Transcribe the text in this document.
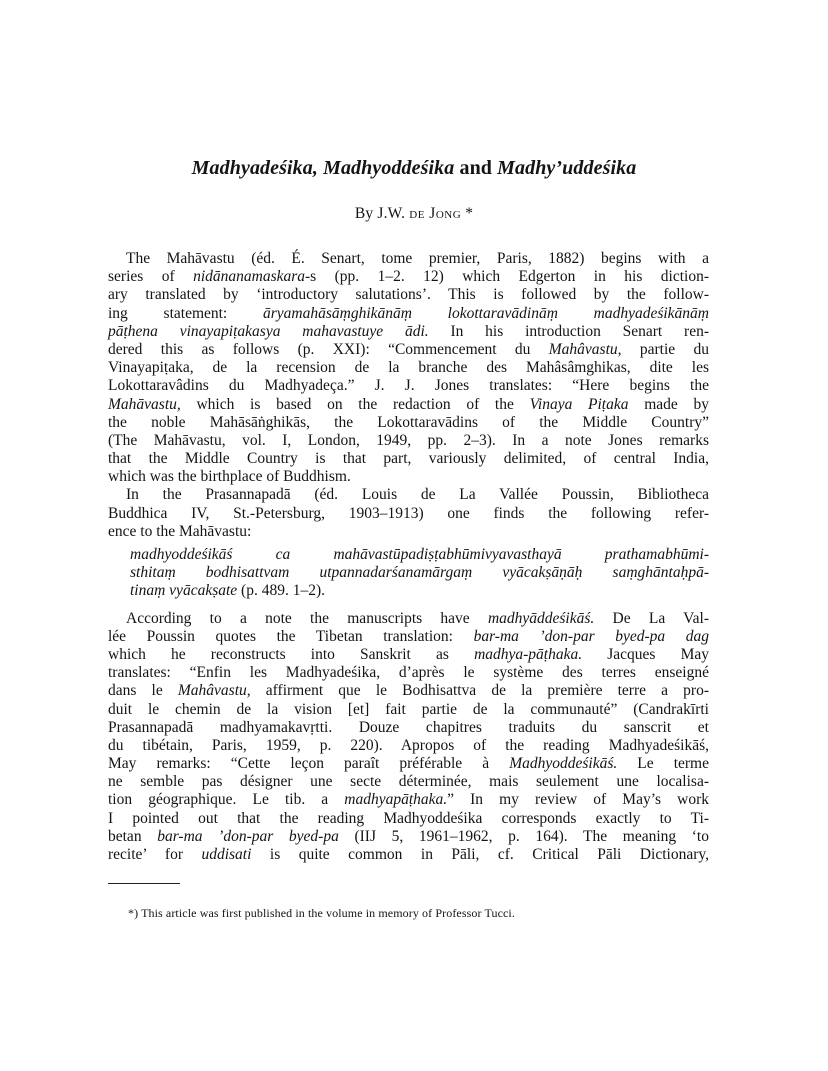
Madhyadeśika, Madhyoddeśika and Madhy’uddeśika
By J.W. de Jong *
The Mahāvastu (éd. É. Senart, tome premier, Paris, 1882) begins with a
series of nidānanamaskara-s (pp. 1–2. 12) which Edgerton in his diction-
ary translated by ‘introductory salutations’. This is followed by the follow-
ing statement: āryamahāsāṃghikānāṃ lokottaravādināṃ madhyadeśikānāṃ
pāṭhena vinayapiṭakasya mahavastuye ādi. In his introduction Senart ren-
dered this as follows (p. XXI): “Commencement du Mahâvastu, partie du
Vinayapiṭaka, de la recension de la branche des Mahâsâmghikas, dite les
Lokottaravâdins du Madhyadeça.” J. J. Jones translates: “Here begins the
Mahāvastu, which is based on the redaction of the Vinaya Piṭaka made by
the noble Mahāsāṅghikās, the Lokottaravādins of the Middle Country”
(The Mahāvastu, vol. I, London, 1949, pp. 2–3). In a note Jones remarks
that the Middle Country is that part, variously delimited, of central India,
which was the birthplace of Buddhism.
In the Prasannapadā (éd. Louis de La Vallée Poussin, Bibliotheca
Buddhica IV, St.-Petersburg, 1903–1913) one finds the following refer-
ence to the Mahāvastu:
madhyoddeśikāś ca mahāvastūpadiṣṭabhūmivyavasthayā prathamabhūmi-
sthitaṃ bodhisattvam utpannadarśanamārgaṃ vyācakṣāṇāḥ saṃghāntaḥpā-
tinaṃ vyācakṣate (p. 489. 1–2).
According to a note the manuscripts have madhyāddeśikāś. De La Val-
lée Poussin quotes the Tibetan translation: bar-ma ’don-par byed-pa dag
which he reconstructs into Sanskrit as madhya-pāṭhaka. Jacques May
translates: “Enfin les Madhyadeśika, d’après le système des terres enseigné
dans le Mahâvastu, affirment que le Bodhisattva de la première terre a pro-
duit le chemin de la vision [et] fait partie de la communauté” (Candrakīrti
Prasannapadā madhyamakavṛtti. Douze chapitres traduits du sanscrit et
du tibétain, Paris, 1959, p. 220). Apropos of the reading Madhyadeśikāś,
May remarks: “Cette leçon paraît préférable à Madhyoddeśikāś. Le terme
ne semble pas désigner une secte déterminée, mais seulement une localisa-
tion géographique. Le tib. a madhyapāṭhaka.” In my review of May’s work
I pointed out that the reading Madhyoddeśika corresponds exactly to Ti-
betan bar-ma ’don-par byed-pa (IIJ 5, 1961–1962, p. 164). The meaning ‘to
recite’ for uddisati is quite common in Pāli, cf. Critical Pāli Dictionary,
*) This article was first published in the volume in memory of Professor Tucci.
